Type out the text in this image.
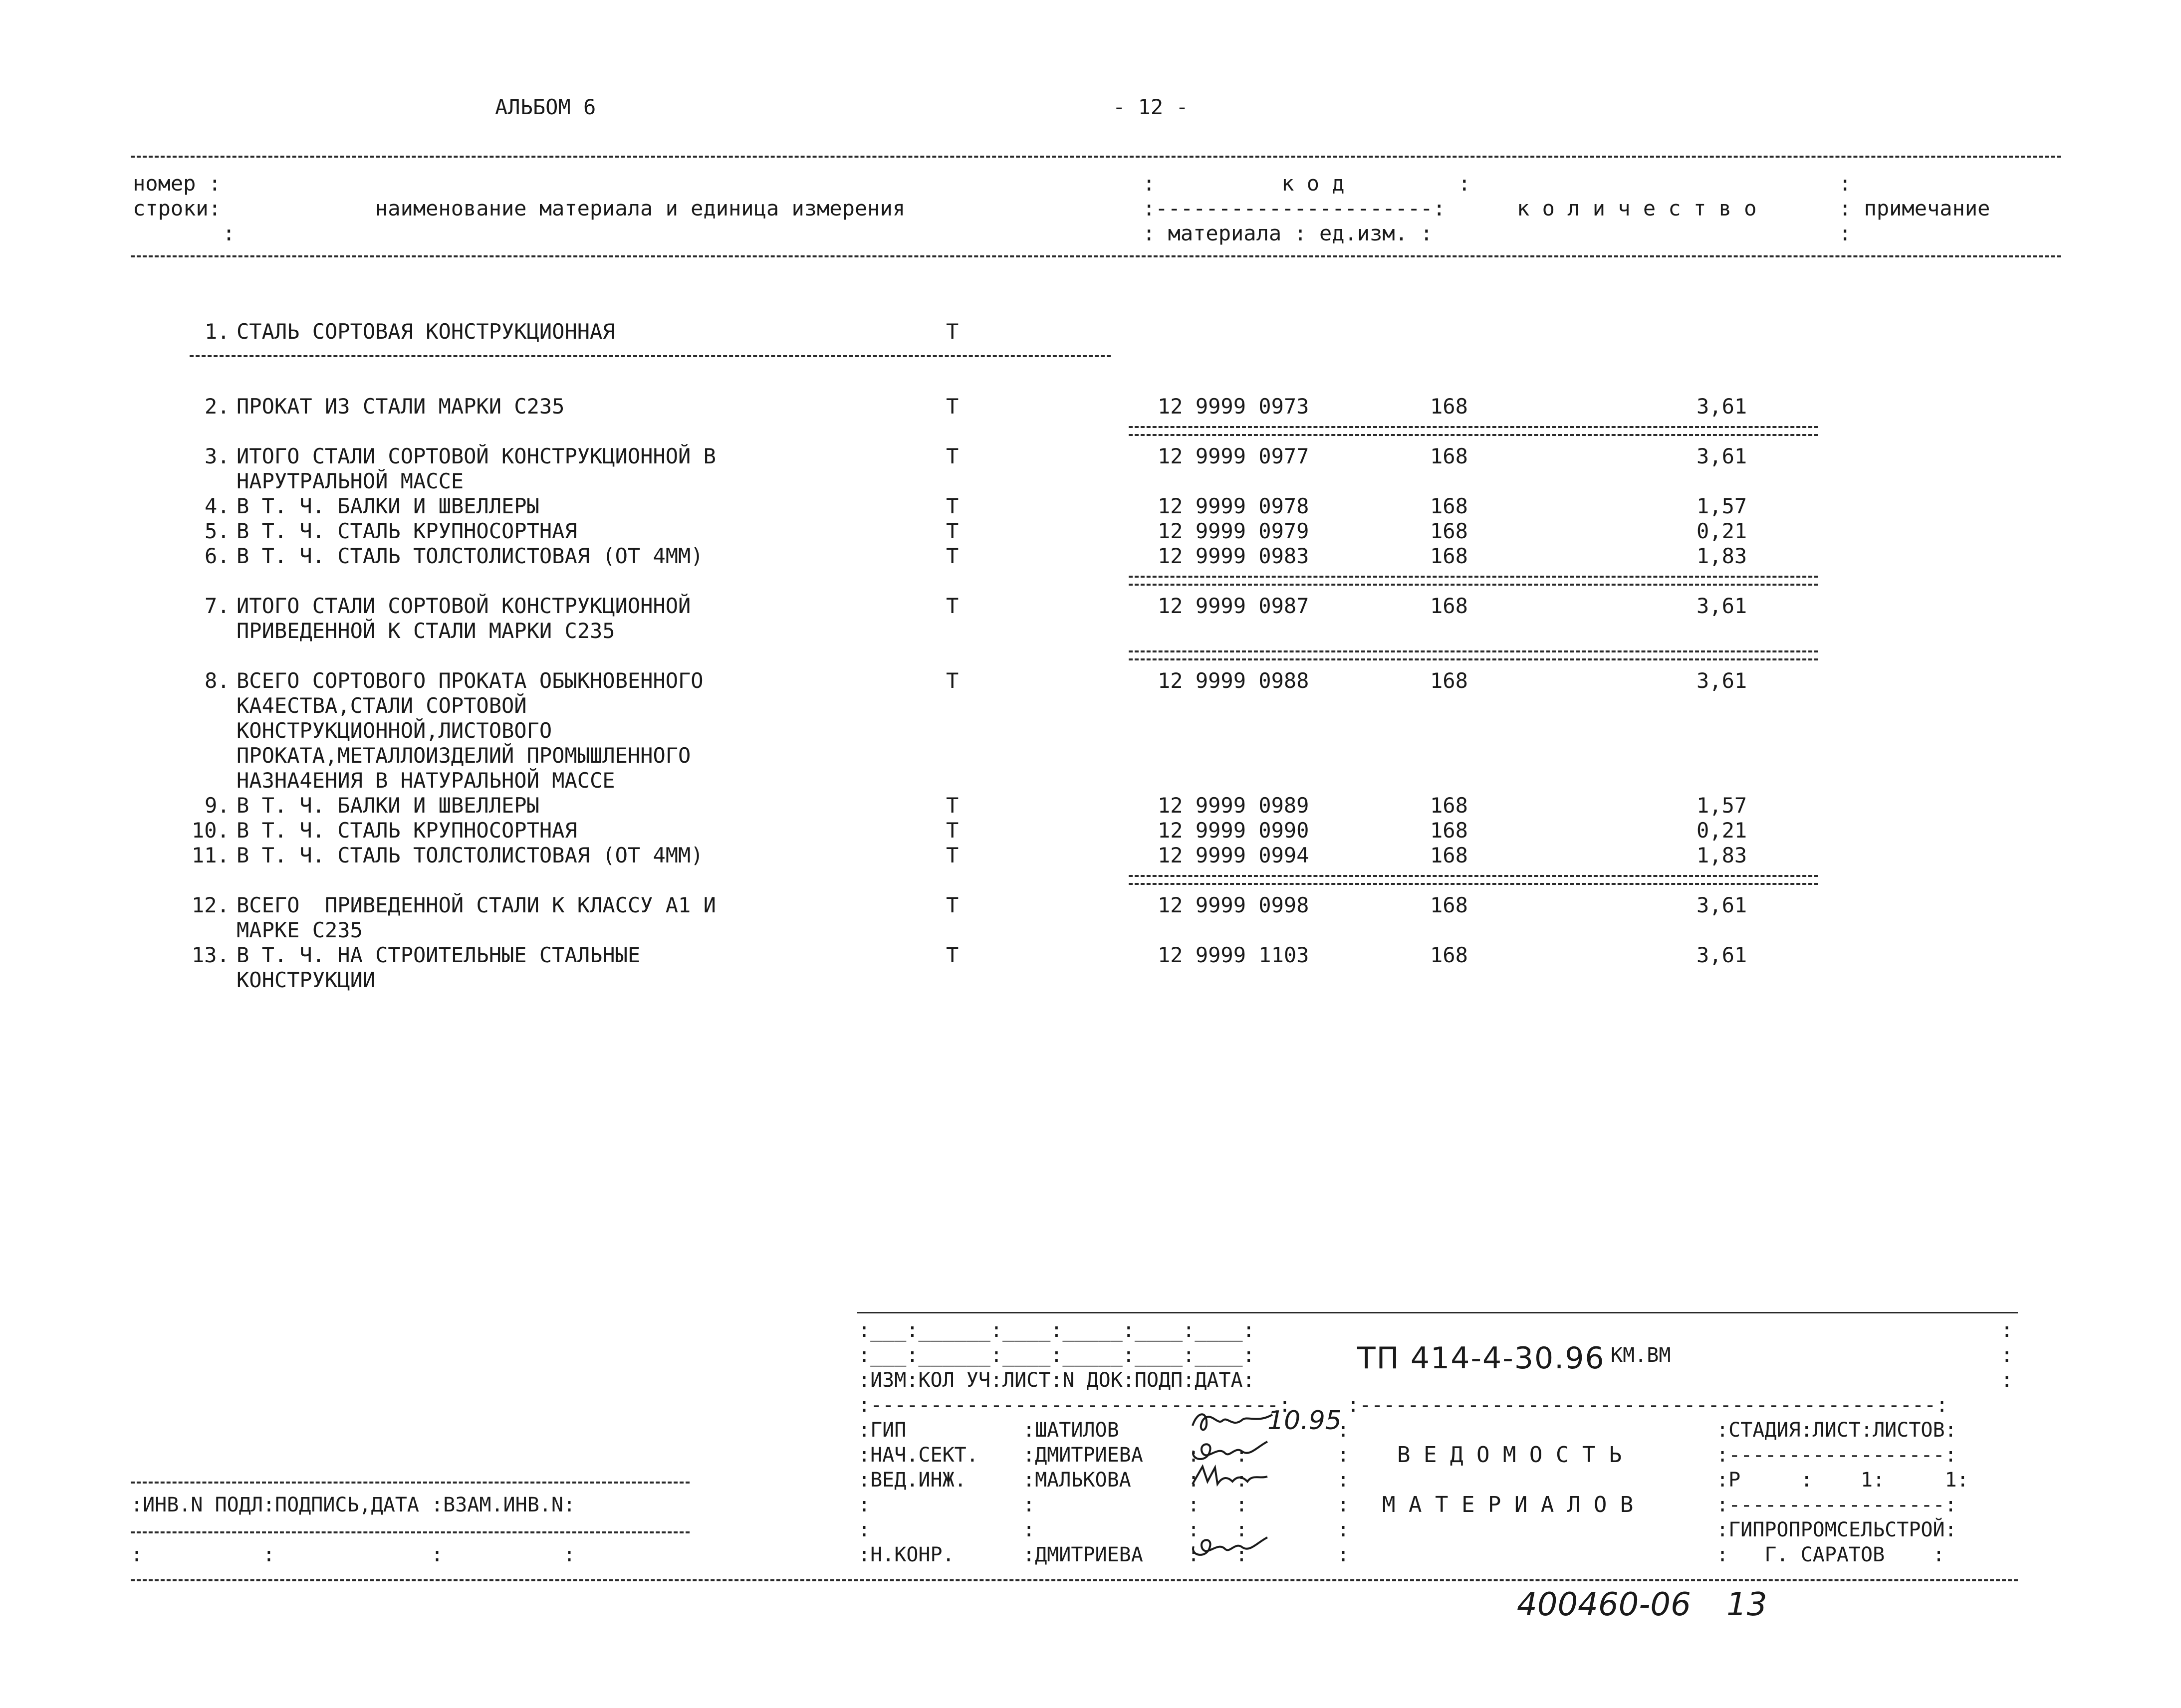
АЛЬБОМ 6	- 12 -
номер :
строки:
:
наименование материала и единица измерения
:          к о д         :
:----------------------:
: материала : ед.изм. :
к о л и ч е с т в о
:
: примечание
:
1. СТАЛЬ СОРТОВАЯ КОНСТРУКЦИОННАЯ	Т
2. ПРОКАТ ИЗ СТАЛИ МАРКИ С235	Т	12 9999 0973	168	3,61
3. ИТОГО СТАЛИ СОРТОВОЙ КОНСТРУКЦИОННОЙ В
НАРУТРАЛЬНОЙ МАССЕ
Т	12 9999 0977	168	3,61
4. В Т. Ч. БАЛКИ И ШВЕЛЛЕРЫ	Т	12 9999 0978	168	1,57
5. В Т. Ч. СТАЛЬ КРУПНОСОРТНАЯ	Т	12 9999 0979	168	0,21
6. В Т. Ч. СТАЛЬ ТОЛСТОЛИСТОВАЯ (ОТ 4ММ)	Т	12 9999 0983	168	1,83
7. ИТОГО СТАЛИ СОРТОВОЙ КОНСТРУКЦИОННОЙ
ПРИВЕДЕННОЙ К СТАЛИ МАРКИ С235
Т	12 9999 0987	168	3,61
8. ВСЕГО СОРТОВОГО ПРОКАТА ОБЫКНОВЕННОГО
КА4ЕСТВА,СТАЛИ СОРТОВОЙ
КОНСТРУКЦИОННОЙ,ЛИСТОВОГО
ПРОКАТА,МЕТАЛЛОИЗДЕЛИЙ ПРОМЫШЛЕННОГО
НАЗНА4ЕНИЯ В НАТУРАЛЬНОЙ МАССЕ
Т	12 9999 0988	168	3,61
9. В Т. Ч. БАЛКИ И ШВЕЛЛЕРЫ	Т	12 9999 0989	168	1,57
10. В Т. Ч. СТАЛЬ КРУПНОСОРТНАЯ	Т	12 9999 0990	168	0,21
11. В Т. Ч. СТАЛЬ ТОЛСТОЛИСТОВАЯ (ОТ 4ММ)	Т	12 9999 0994	168	1,83
12. ВСЕГО  ПРИВЕДЕННОЙ СТАЛИ К КЛАССУ А1 И
МАРКЕ С235
Т	12 9999 0998	168	3,61
13. В Т. Ч. НА СТРОИТЕЛЬНЫЕ СТАЛЬНЫЕ
КОНСТРУКЦИИ
Т	12 9999 1103	168	3,61
:___:______:____:_____:____:____:
:___:______:____:_____:____:____:
:ИЗМ:КОЛ УЧ:ЛИСТ:N ДОК:ПОДП:ДАТА:
:----------------------------------:
ТП 414-4-30.96 КМ.ВМ
:
:
:
:------------------------------------------------:
:ГИП	:ШАТИЛОВ
:НАЧ.СЕКТ. :ДМИТРИЕВА
:ВЕД.ИНЖ.	:МАЛЬКОВА
:	:
:	:
:Н.КОНР.	:ДМИТРИЕВА
:   :
:   :
:   :
:   :
:   :
:
:
:
:
:
:
10.95
В Е Д О М О С Т Ь
М А Т Е Р И А Л О В
:СТАДИЯ:ЛИСТ:ЛИСТОВ:
:------------------:
:Р     :    1:     1:
:------------------:
:ГИПРОПРОМСЕЛЬСТРОЙ:
:   Г. САРАТОВ    :
:ИНВ.N ПОДЛ:ПОДПИСЬ,ДАТА :ВЗАМ.ИНВ.N:
:          :             :          :
400460-06 13
